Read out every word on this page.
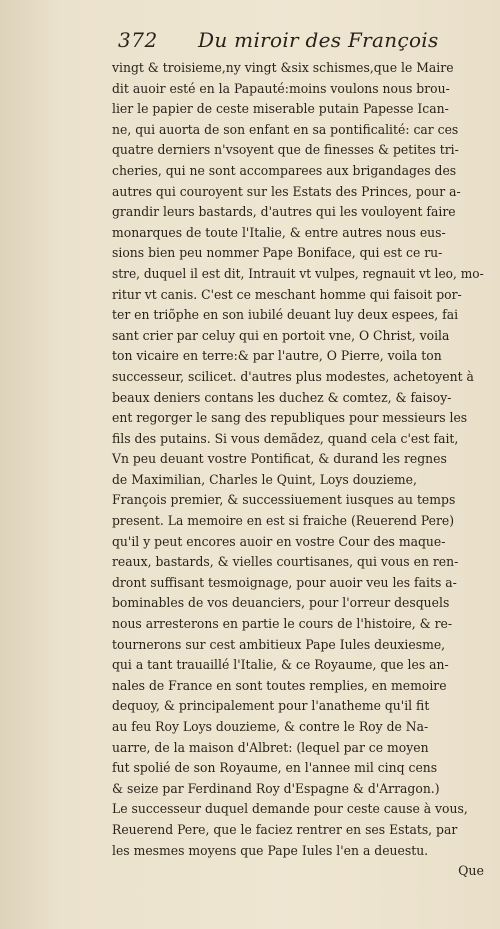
372 Du miroir des François
vingt & troisieme,ny vingt &six schismes,que le Maire
dit auoir esté en la Papauté:moins voulons nous brou-
lier le papier de ceste miserable putain Papesse Ican-
ne, qui auorta de son enfant en sa pontificalité: car ces
quatre derniers n'vsoyent que de finesses & petites tri-
cheries, qui ne sont accomparees aux brigandages des
autres qui couroyent sur les Estats des Princes, pour a-
grandir leurs bastards, d'autres qui les vouloyent faire
monarques de toute l'Italie, & entre autres nous eus-
sions bien peu nommer Pape Boniface, qui est ce ru-
stre, duquel il est dit, Intrauit vt vulpes, regnauit vt leo, mo-
ritur vt canis. C'est ce meschant homme qui faisoit por-
ter en triõphe en son iubilé deuant luy deux espees, fai
sant crier par celuy qui en portoit vne, O Christ, voila
ton vicaire en terre:& par l'autre, O Pierre, voila ton
successeur, scilicet. d'autres plus modestes, achetoyent à
beaux deniers contans les duchez & comtez, & faisoy-
ent regorger le sang des republiques pour messieurs les
fils des putains. Si vous demãdez, quand cela c'est fait,
Vn peu deuant vostre Pontificat, & durand les regnes
de Maximilian, Charles le Quint, Loys douzieme,
François premier, & successiuement iusques au temps
present. La memoire en est si fraiche (Reuerend Pere)
qu'il y peut encores auoir en vostre Cour des maque-
reaux, bastards, & vielles courtisanes, qui vous en ren-
dront suffisant tesmoignage, pour auoir veu les faits a-
bominables de vos deuanciers, pour l'orreur desquels
nous arresterons en partie le cours de l'histoire, & re-
tournerons sur cest ambitieux Pape Iules deuxiesme,
qui a tant trauaillé l'Italie, & ce Royaume, que les an-
nales de France en sont toutes remplies, en memoire
dequoy, & principalement pour l'anatheme qu'il fit
au feu Roy Loys douzieme, & contre le Roy de Na-
uarre, de la maison d'Albret: (lequel par ce moyen
fut spolié de son Royaume, en l'annee mil cinq cens
& seize par Ferdinand Roy d'Espagne & d'Arragon.)
Le successeur duquel demande pour ceste cause à vous,
Reuerend Pere, que le faciez rentrer en ses Estats, par
les mesmes moyens que Pape Iules l'en a deuestu.
Que
